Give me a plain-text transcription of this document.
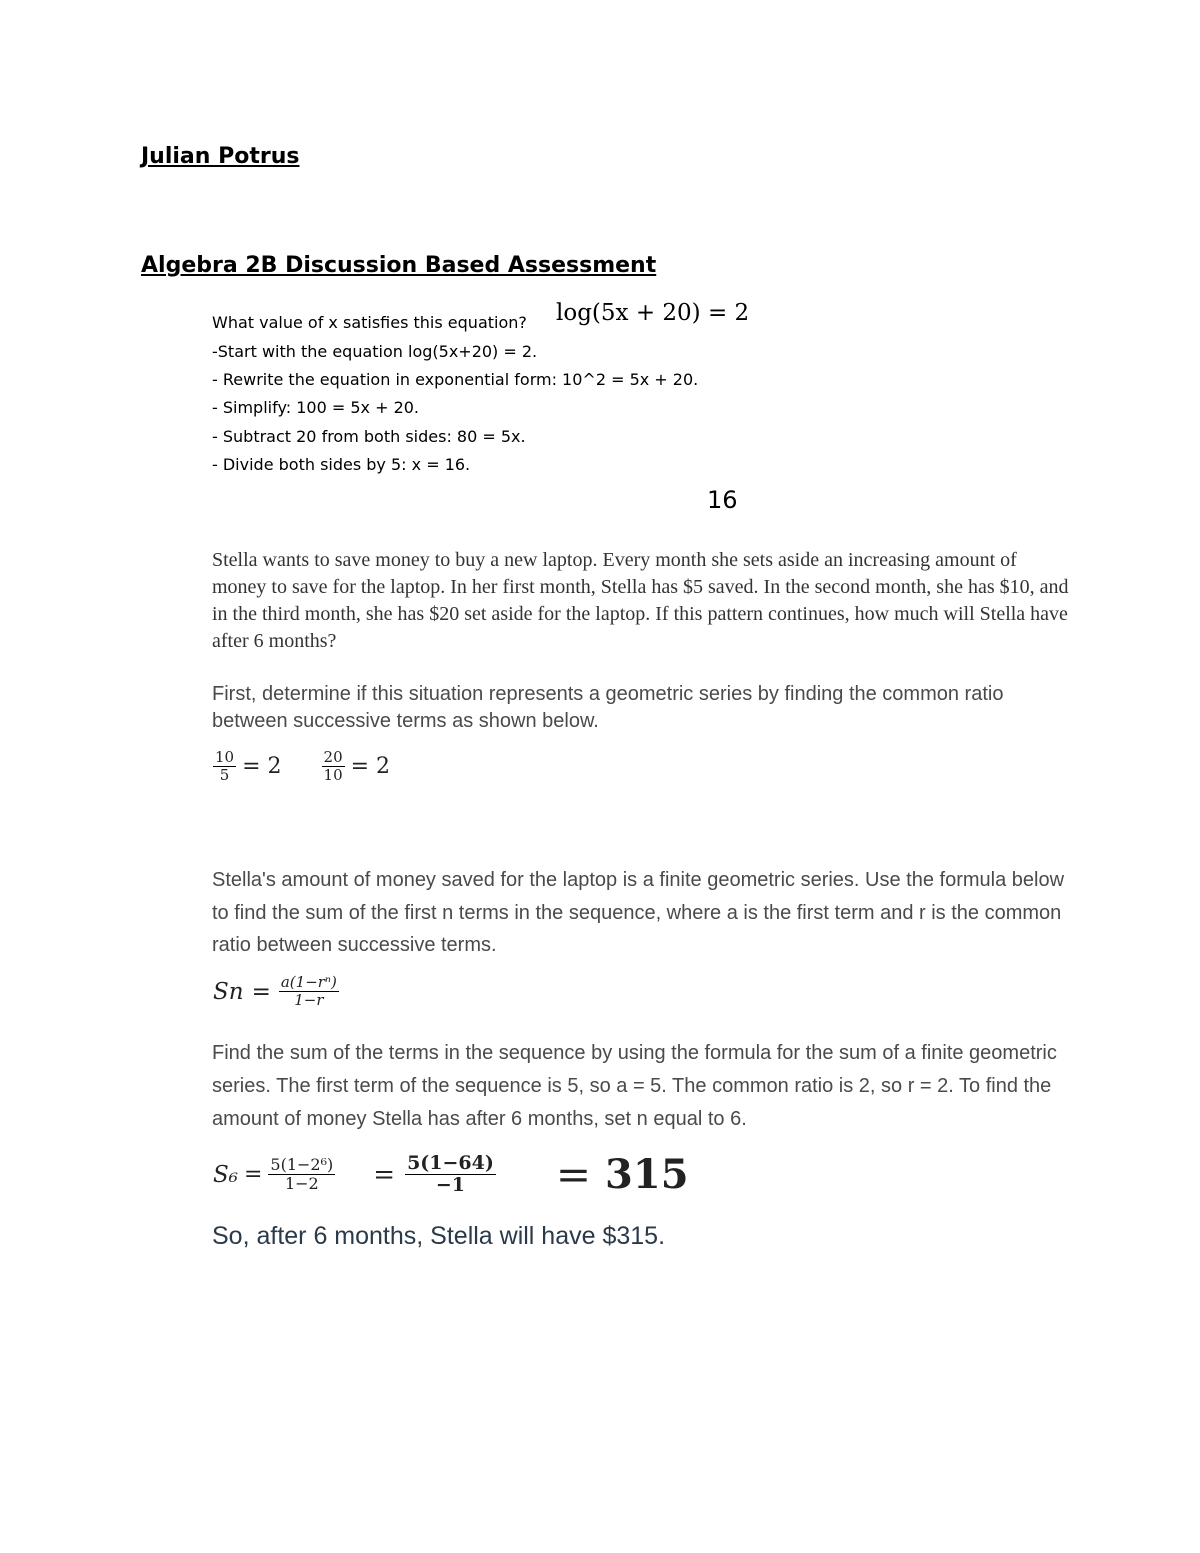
Julian Potrus
Algebra 2B Discussion Based Assessment
What value of x satisfies this equation? log(5x + 20) = 2
-Start with the equation log(5x+20) = 2.
- Rewrite the equation in exponential form: 10^2 = 5x + 20.
- Simplify: 100 = 5x + 20.
- Subtract 20 from both sides: 80 = 5x.
- Divide both sides by 5: x = 16.
16
Stella wants to save money to buy a new laptop. Every month she sets aside an increasing amount of money to save for the laptop. In her first month, Stella has $5 saved. In the second month, she has $10, and in the third month, she has $20 set aside for the laptop. If this pattern continues, how much will Stella have after 6 months?
First, determine if this situation represents a geometric series by finding the common ratio between successive terms as shown below.
$\frac{10}{5} = 2$	$\frac{20}{10} = 2$
Stella's amount of money saved for the laptop is a finite geometric series. Use the formula below to find the sum of the first n terms in the sequence, where a is the first term and r is the common ratio between successive terms.
$Sn = \frac{\text{a(1−rⁿ)}}{1-r}$
Find the sum of the terms in the sequence by using the formula for the sum of a finite geometric series. The first term of the sequence is 5, so a = 5. The common ratio is 2, so r = 2. To find the amount of money Stella has after 6 months, set n equal to 6.
$S_6 = \frac{\text{5(1−2⁶)}}{1-2} = \frac{5(1-64)}{-1} = 315$
So, after 6 months, Stella will have $315.
